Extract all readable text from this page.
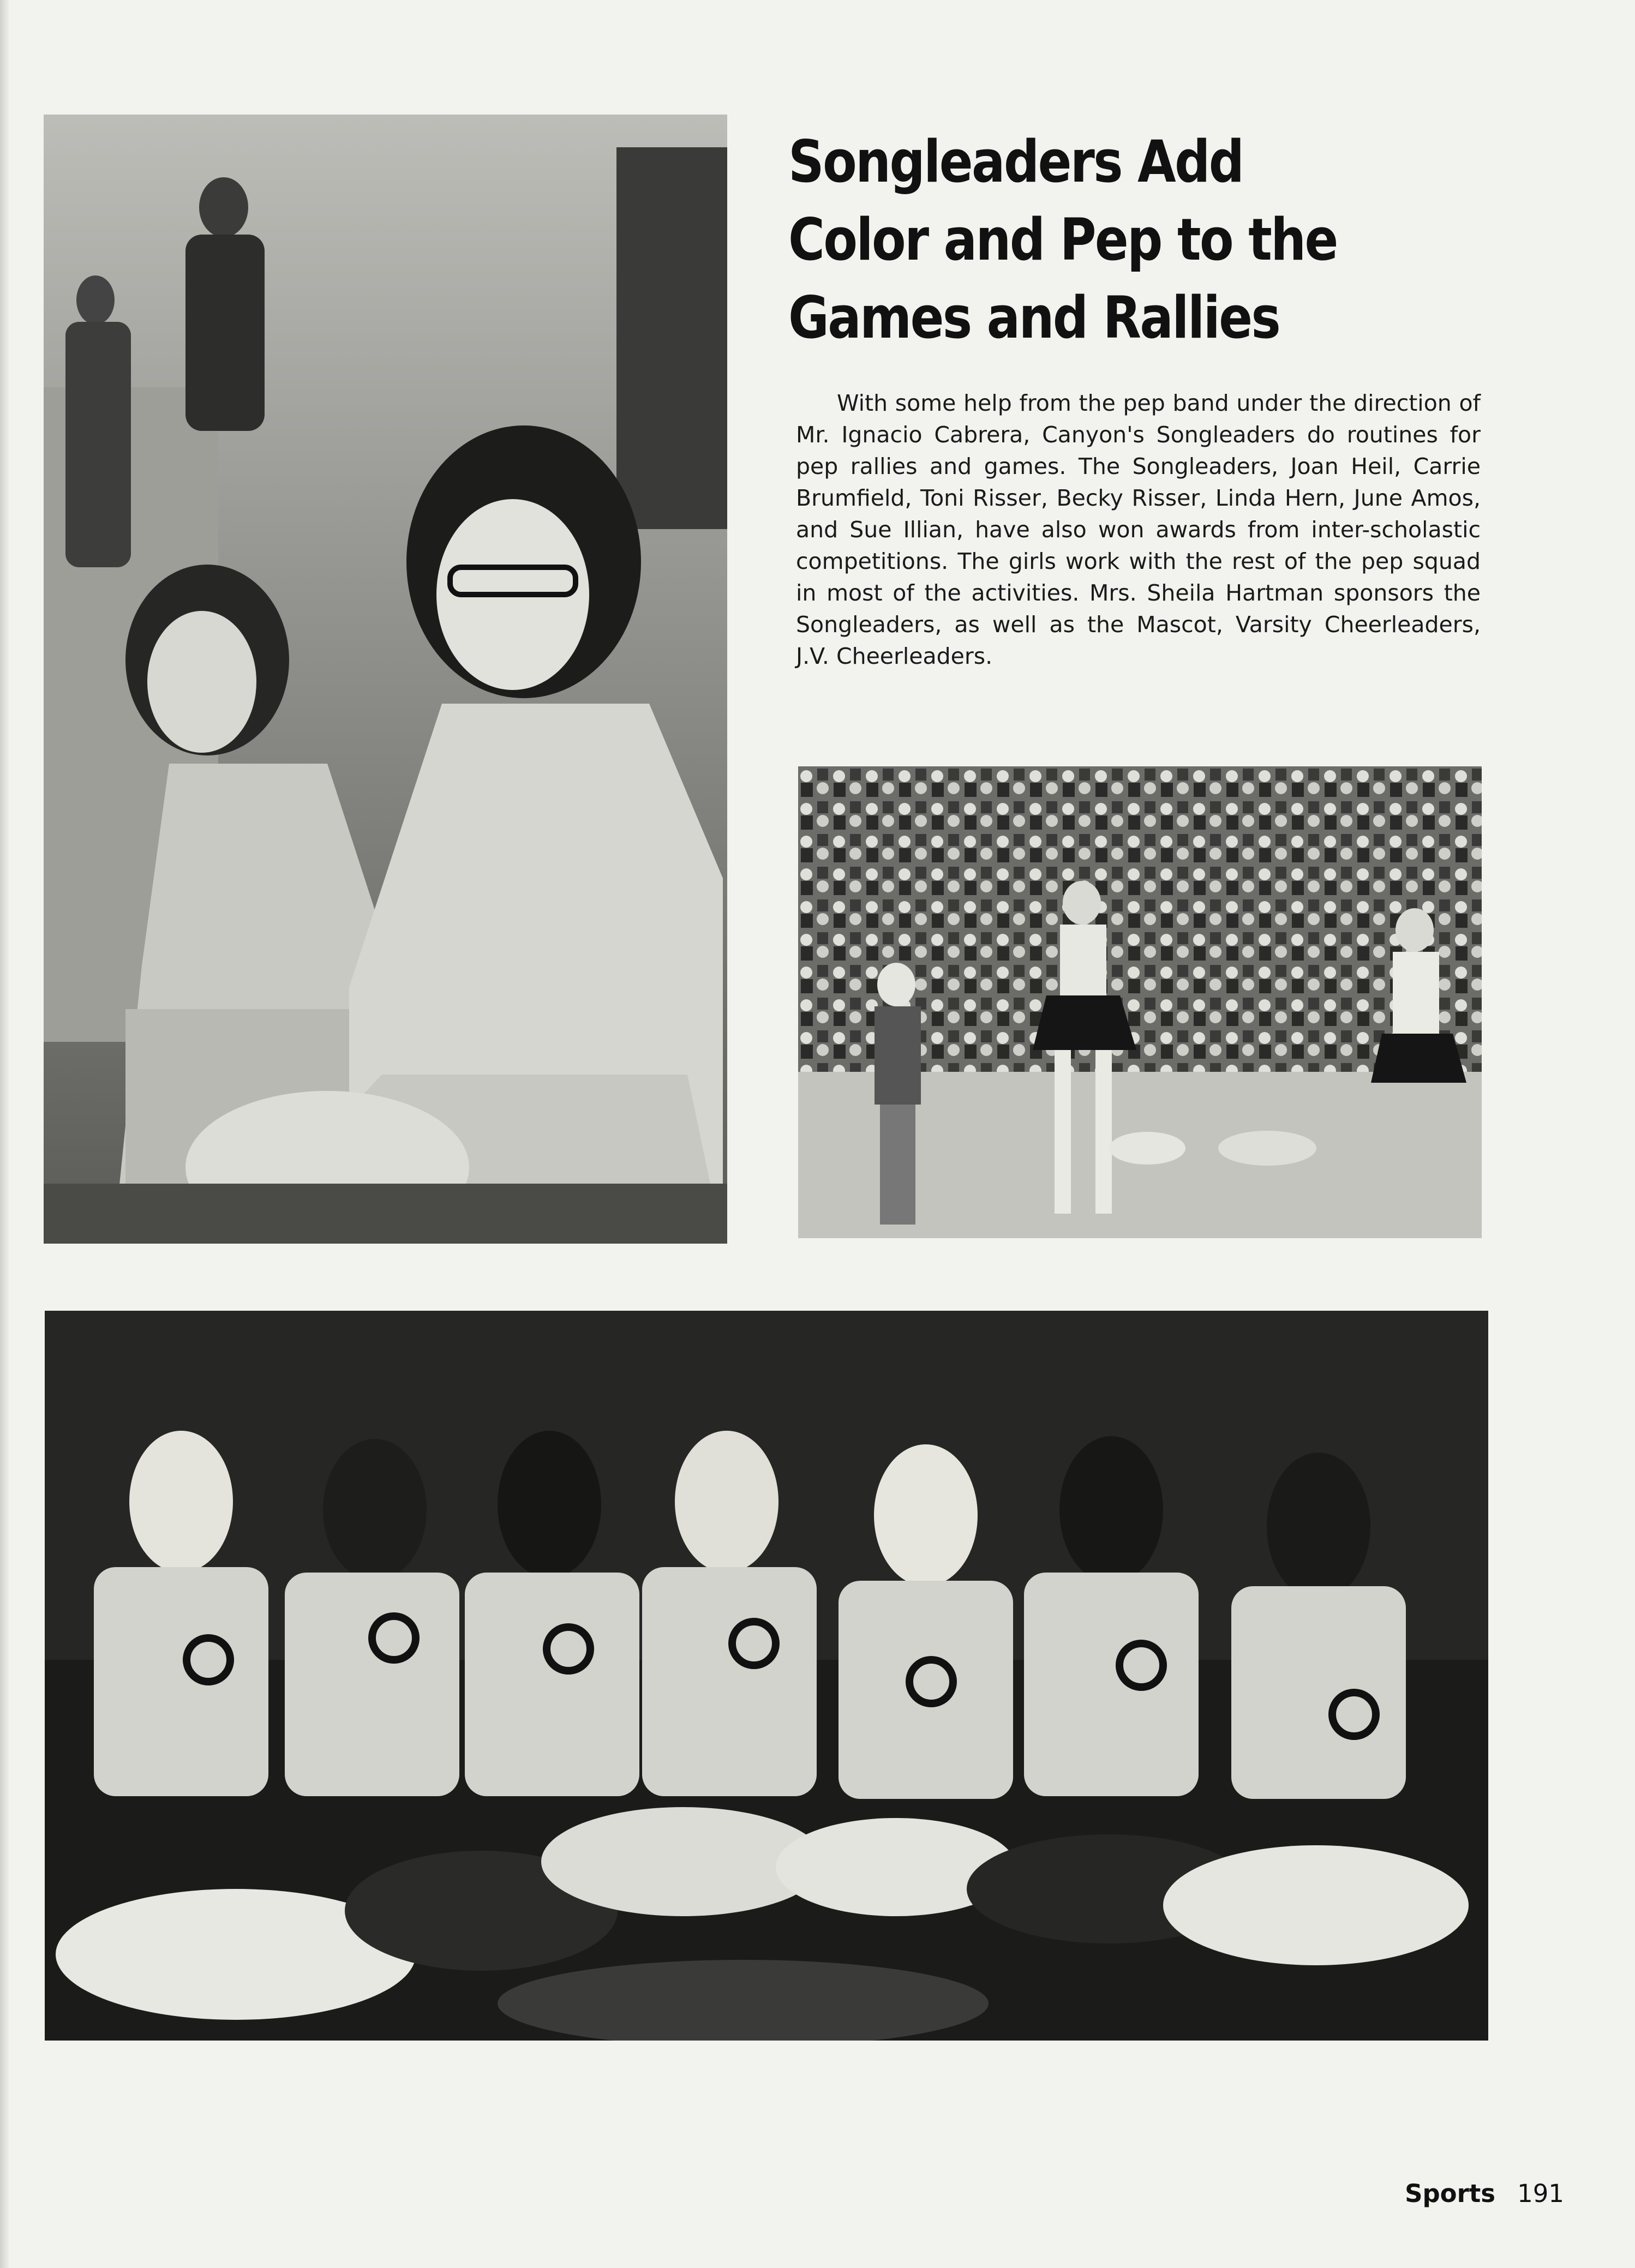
Songleaders Add
Color and Pep to the
Games and Rallies

With some help from the pep band under the direction of Mr. Ignacio Cabrera, Canyon's Songleaders do routines for pep rallies and games. The Songleaders, Joan Heil, Carrie Brumfield, Toni Risser, Becky Risser, Linda Hern, June Amos, and Sue Illian, have also won awards from inter-scholastic competitions. The girls work with the rest of the pep squad in most of the activities. Mrs. Sheila Hartman sponsors the Songleaders, as well as the Mascot, Varsity Cheerleaders, J.V. Cheerleaders.

Sports 191
